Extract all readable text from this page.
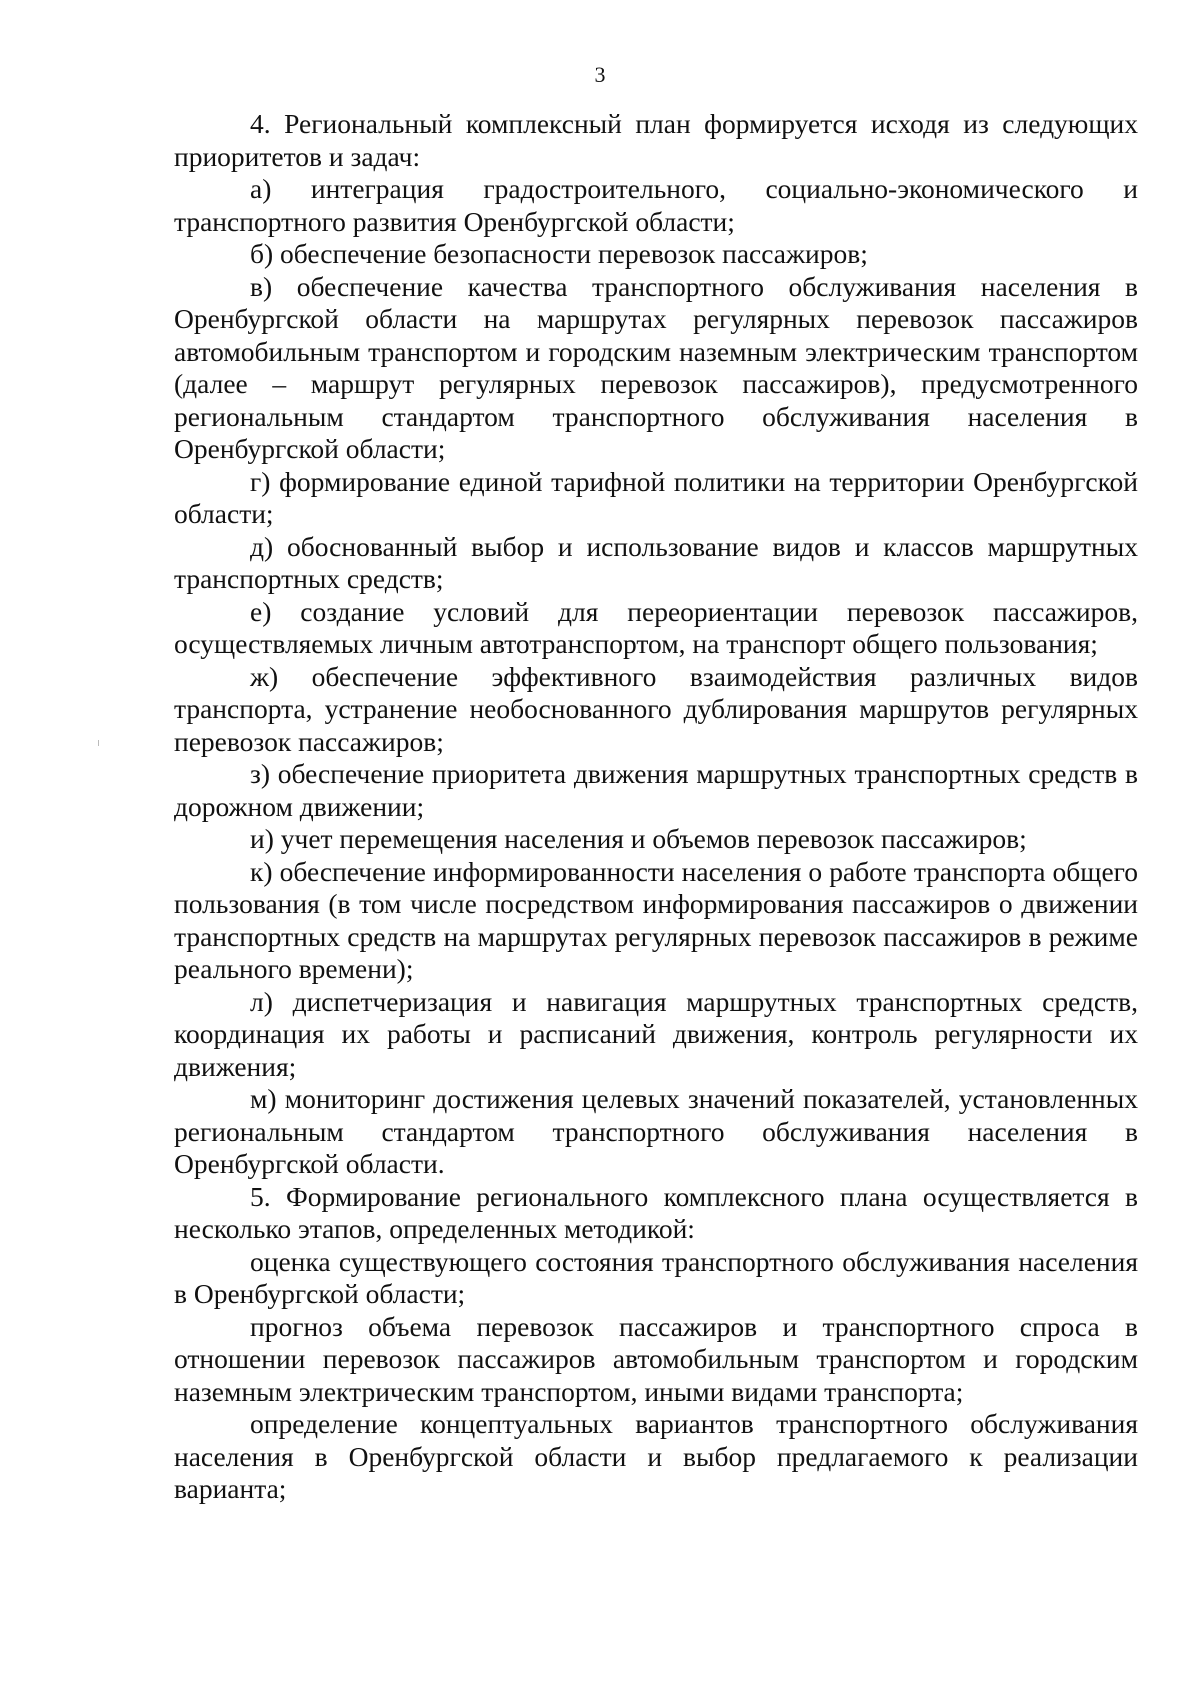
3

4. Региональный комплексный план формируется исходя из следующих приоритетов и задач:

а) интеграция градостроительного, социально-экономического и транспортного развития Оренбургской области;

б) обеспечение безопасности перевозок пассажиров;

в) обеспечение качества транспортного обслуживания населения в Оренбургской области на маршрутах регулярных перевозок пассажиров автомобильным транспортом и городским наземным электрическим транспортом (далее – маршрут регулярных перевозок пассажиров), предусмотренного региональным стандартом транспортного обслуживания населения в Оренбургской области;

г) формирование единой тарифной политики на территории Оренбургской области;

д) обоснованный выбор и использование видов и классов маршрутных транспортных средств;

е) создание условий для переориентации перевозок пассажиров, осуществляемых личным автотранспортом, на транспорт общего пользования;

ж) обеспечение эффективного взаимодействия различных видов транспорта, устранение необоснованного дублирования маршрутов регулярных перевозок пассажиров;

з) обеспечение приоритета движения маршрутных транспортных средств в дорожном движении;

и) учет перемещения населения и объемов перевозок пассажиров;

к) обеспечение информированности населения о работе транспорта общего пользования (в том числе посредством информирования пассажиров о движении транспортных средств на маршрутах регулярных перевозок пассажиров в режиме реального времени);

л) диспетчеризация и навигация маршрутных транспортных средств, координация их работы и расписаний движения, контроль регулярности их движения;

м) мониторинг достижения целевых значений показателей, установленных региональным стандартом транспортного обслуживания населения в Оренбургской области.

5. Формирование регионального комплексного плана осуществляется в несколько этапов, определенных методикой:

оценка существующего состояния транспортного обслуживания населения в Оренбургской области;

прогноз объема перевозок пассажиров и транспортного спроса в отношении перевозок пассажиров автомобильным транспортом и городским наземным электрическим транспортом, иными видами транспорта;

определение концептуальных вариантов транспортного обслуживания населения в Оренбургской области и выбор предлагаемого к реализации варианта;
